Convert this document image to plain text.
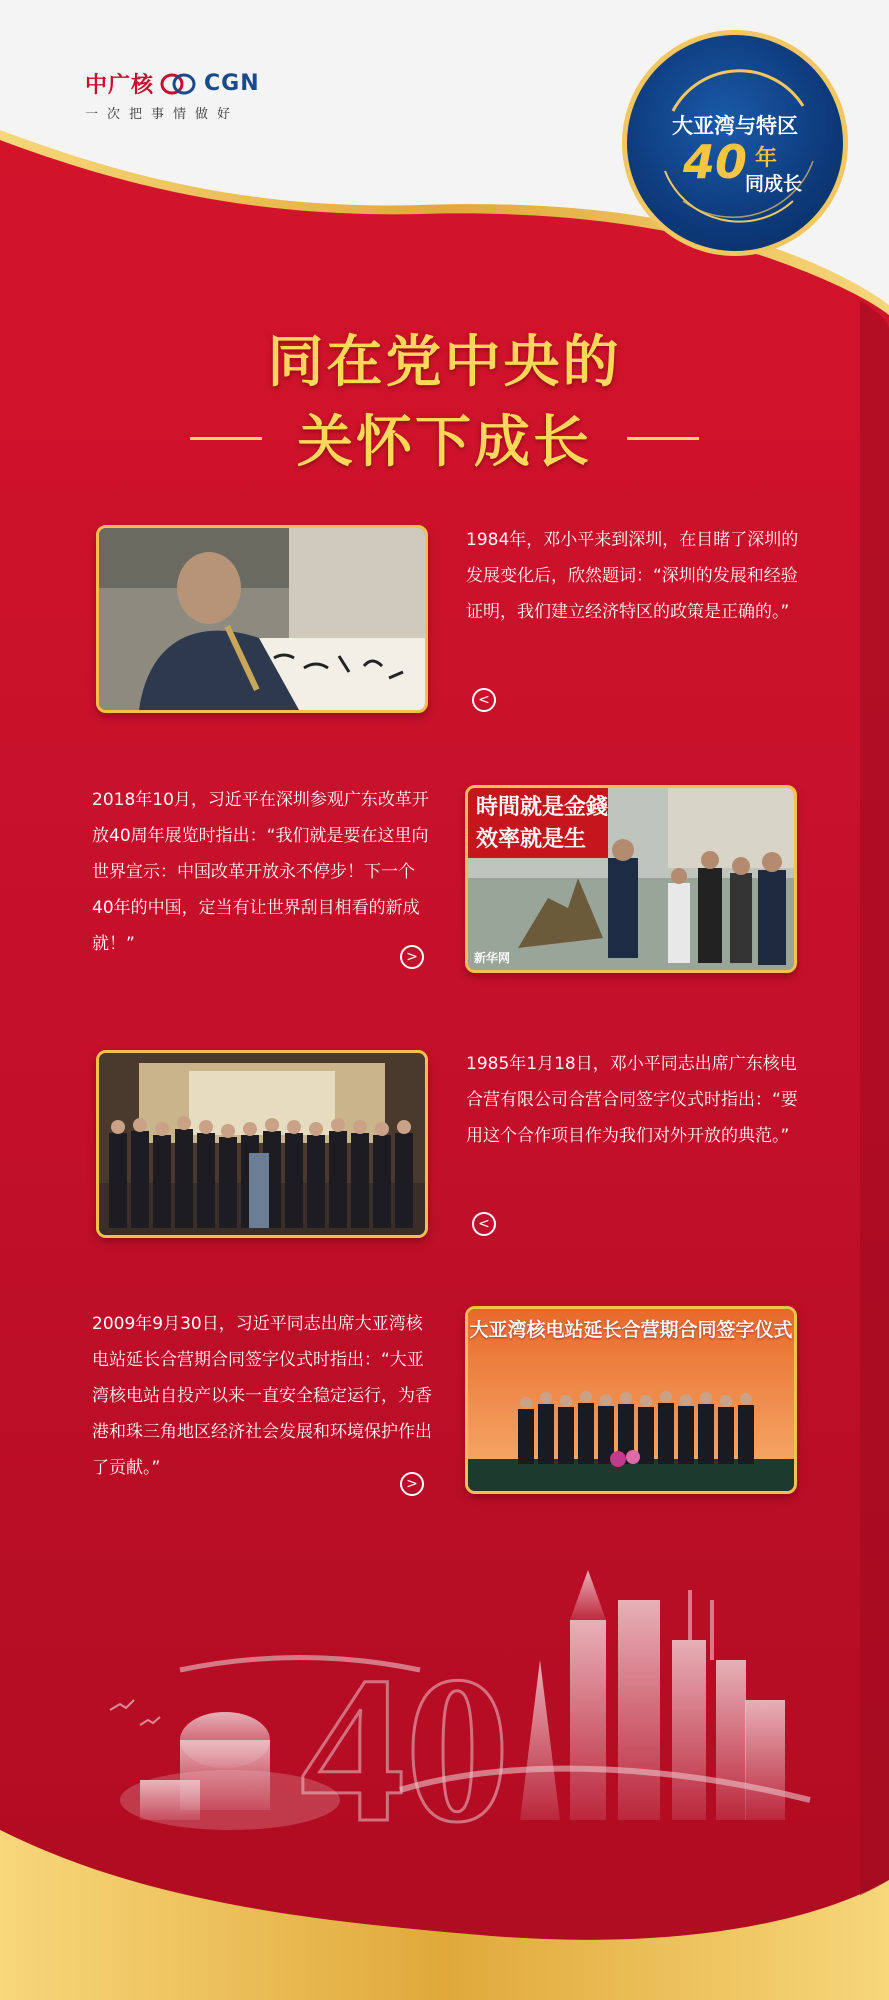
40
中广核 CGN
一次把事情做好	大亚湾与特区
40 年
同成长
同在党中央的
关怀下成长
1984年，邓小平来到深圳，在目睹了深圳的发展变化后，欣然题词：“深圳的发展和经验证明，我们建立经济特区的政策是正确的。”
<
2018年10月，习近平在深圳参观广东改革开放40周年展览时指出：“我们就是要在这里向世界宣示：中国改革开放永不停步！下一个40年的中国，定当有让世界刮目相看的新成就！”
>
時間就是金錢
效率就是生
新华网
1985年1月18日，邓小平同志出席广东核电合营有限公司合营合同签字仪式时指出：“要用这个合作项目作为我们对外开放的典范。”
<
2009年9月30日，习近平同志出席大亚湾核电站延长合营期合同签字仪式时指出：“大亚湾核电站自投产以来一直安全稳定运行，为香港和珠三角地区经济社会发展和环境保护作出了贡献。”
>
大亚湾核电站延长合营期合同签字仪式
